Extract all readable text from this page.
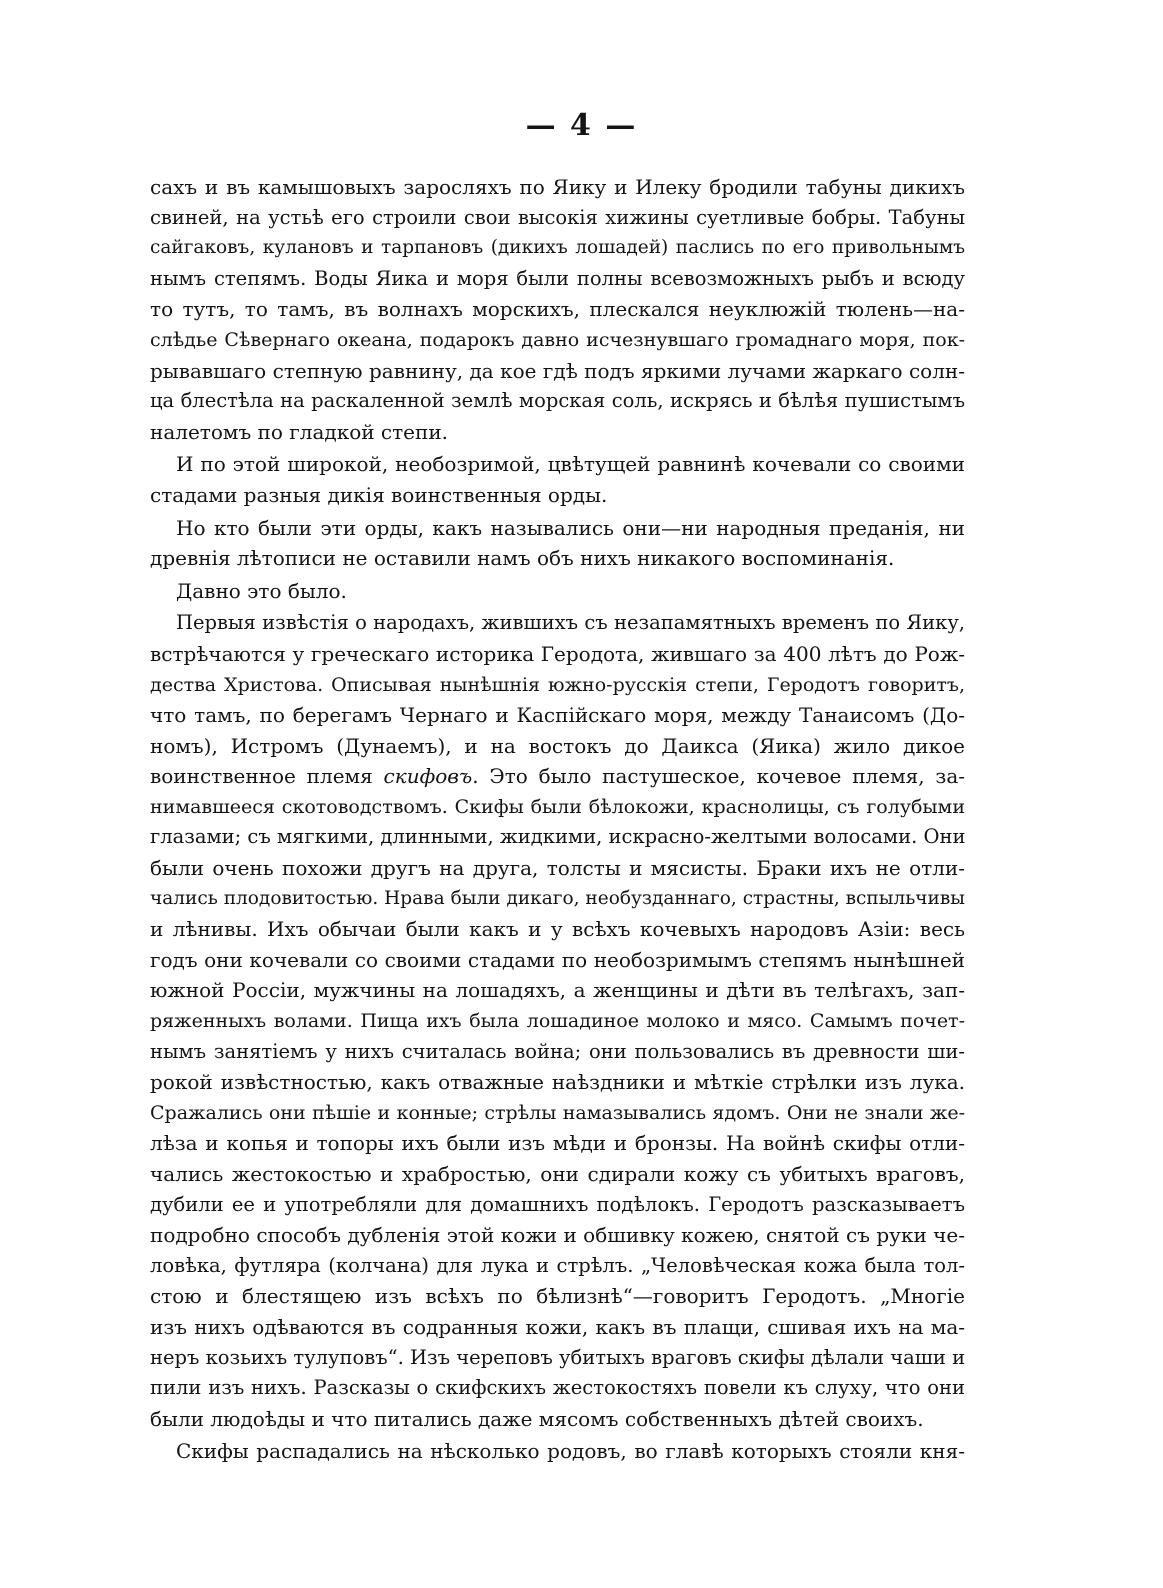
— 4 —
сахъ и въ камышовыхъ заросляхъ по Яику и Илеку бродили табуны дикихъ
свиней, на устьѣ его строили свои высокія хижины суетливые бобры. Табуны
сайгаковъ, кулановъ и тарпановъ (дикихъ лошадей) паслись по его привольнымъ
нымъ степямъ. Воды Яика и моря были полны всевозможныхъ рыбъ и всюду
то тутъ, то тамъ, въ волнахъ морскихъ, плескался неуклюжій тюлень—на-
слѣдье Сѣвернаго океана, подарокъ давно исчезнувшаго громаднаго моря, пок-
рывавшаго степную равнину, да кое гдѣ подъ яркими лучами жаркаго солн-
ца блестѣла на раскаленной землѣ морская соль, искрясь и бѣлѣя пушистымъ
налетомъ по гладкой степи.
И по этой широкой, необозримой, цвѣтущей равнинѣ кочевали со своими
стадами разныя дикія воинственныя орды.
Но кто были эти орды, какъ назывались они—ни народныя преданія, ни
древнія лѣтописи не оставили намъ объ нихъ никакого воспоминанія.
Давно это было.
Первыя извѣстія о народахъ, жившихъ съ незапамятныхъ временъ по Яику,
встрѣчаются у греческаго историка Геродота, жившаго за 400 лѣтъ до Рож-
дества Христова. Описывая нынѣшнія южно-русскія степи, Геродотъ говоритъ,
что тамъ, по берегамъ Чернаго и Каспійскаго моря, между Танаисомъ (До-
номъ), Истромъ (Дунаемъ), и на востокъ до Даикса (Яика) жило дикое
воинственное племя скифовъ. Это было пастушеское, кочевое племя, за-
нимавшееся скотоводствомъ. Скифы были бѣлокожи, краснолицы, съ голубыми
глазами; съ мягкими, длинными, жидкими, искрасно-желтыми волосами. Они
были очень похожи другъ на друга, толсты и мясисты. Браки ихъ не отли-
чались плодовитостью. Нрава были дикаго, необузданнаго, страстны, вспыльчивы
и лѣнивы. Ихъ обычаи были какъ и у всѣхъ кочевыхъ народовъ Азіи: весь
годъ они кочевали со своими стадами по необозримымъ степямъ нынѣшней
южной Россіи, мужчины на лошадяхъ, а женщины и дѣти въ телѣгахъ, зап-
ряженныхъ волами. Пища ихъ была лошадиное молоко и мясо. Самымъ почет-
нымъ занятіемъ у нихъ считалась война; они пользовались въ древности ши-
рокой извѣстностью, какъ отважные наѣздники и мѣткіе стрѣлки изъ лука.
Сражались они пѣшіе и конные; стрѣлы намазывались ядомъ. Они не знали же-
лѣза и копья и топоры ихъ были изъ мѣди и бронзы. На войнѣ скифы отли-
чались жестокостью и храбростью, они сдирали кожу съ убитыхъ враговъ,
дубили ее и употребляли для домашнихъ подѣлокъ. Геродотъ разсказываетъ
подробно способъ дубленія этой кожи и обшивку кожею, снятой съ руки че-
ловѣка, футляра (колчана) для лука и стрѣлъ. „Человѣческая кожа была тол-
стою и блестящею изъ всѣхъ по бѣлизнѣ“—говоритъ Геродотъ. „Многіе
изъ нихъ одѣваются въ содранныя кожи, какъ въ плащи, сшивая ихъ на ма-
неръ козьихъ тулуповъ“. Изъ череповъ убитыхъ враговъ скифы дѣлали чаши и
пили изъ нихъ. Разсказы о скифскихъ жестокостяхъ повели къ слуху, что они
были людоѣды и что питались даже мясомъ собственныхъ дѣтей своихъ.
Скифы распадались на нѣсколько родовъ, во главѣ которыхъ стояли кня-
